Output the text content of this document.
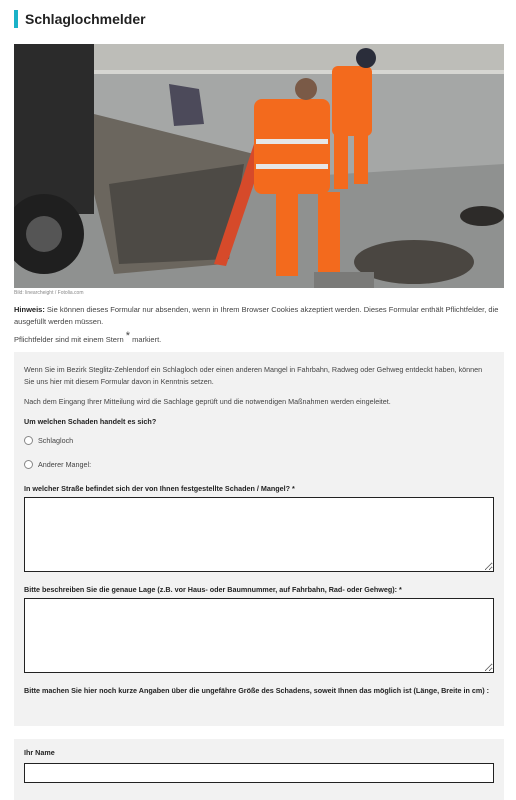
Schlaglochmelder
Bild: linearcheight / Fotolia.com
Hinweis: Sie können dieses Formular nur absenden, wenn in Ihrem Browser Cookies akzeptiert werden. Dieses Formular enthält Pflichtfelder, die ausgefüllt werden müssen.
Pflichtfelder sind mit einem Stern * markiert.
Wenn Sie im Bezirk Steglitz-Zehlendorf ein Schlagloch oder einen anderen Mangel in Fahrbahn, Radweg oder Gehweg entdeckt haben, können Sie uns hier mit diesem Formular davon in Kenntnis setzen.
Nach dem Eingang Ihrer Mitteilung wird die Sachlage geprüft und die notwendigen Maßnahmen werden eingeleitet.
Um welchen Schaden handelt es sich?
Schlagloch
Anderer Mangel:
In welcher Straße befindet sich der von Ihnen festgestellte Schaden / Mangel? *
Bitte beschreiben Sie die genaue Lage (z.B. vor Haus- oder Baumnummer, auf Fahrbahn, Rad- oder Gehweg): *
Bitte machen Sie hier noch kurze Angaben über die ungefähre Größe des Schadens, soweit Ihnen das möglich ist (Länge, Breite in cm) :
Ihr Name
